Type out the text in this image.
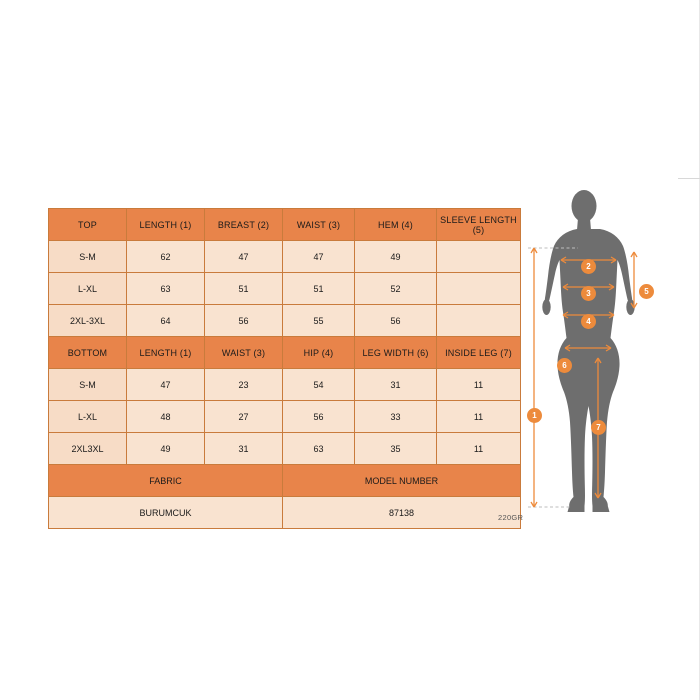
TOP	LENGTH (1)	BREAST (2)	WAIST (3)	HEM (4)	SLEEVE LENGTH (5)
S-M	62	47	47	49	
L-XL	63	51	51	52	
2XL-3XL	64	56	55	56	
BOTTOM	LENGTH (1)	WAIST (3)	HIP (4)	LEG WIDTH (6)	INSIDE LEG (7)
S-M	47	23	54	31	11
L-XL	48	27	56	33	11
2XL3XL	49	31	63	35	11
FABRIC			MODEL NUMBER		
BURUMCUK			87138			220GR
1
2
3
4
5
6
7
